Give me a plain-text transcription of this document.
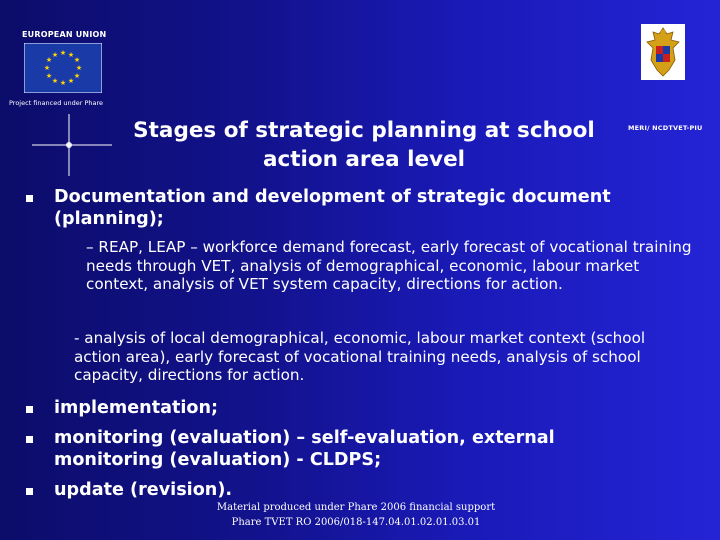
EUROPEAN UNION
★ ★
★
★
★
★
★
★
★
★
★
★
Project financed under Phare
MERI/ NCDTVET-PIU
Stages of strategic planning at school action area level
Documentation and development of strategic document (planning);
– REAP, LEAP – workforce demand forecast, early forecast of vocational training needs through VET, analysis of demographical, economic, labour market context, analysis of VET system capacity, directions for action.
- analysis of local demographical, economic, labour market context (school action area), early forecast of vocational training needs, analysis of school capacity, directions for action.
implementation;
monitoring (evaluation) – self-evaluation, external monitoring (evaluation) - CLDPS;
update (revision).
Material produced under Phare 2006 financial support
Phare TVET RO 2006/018-147.04.01.02.01.03.01
